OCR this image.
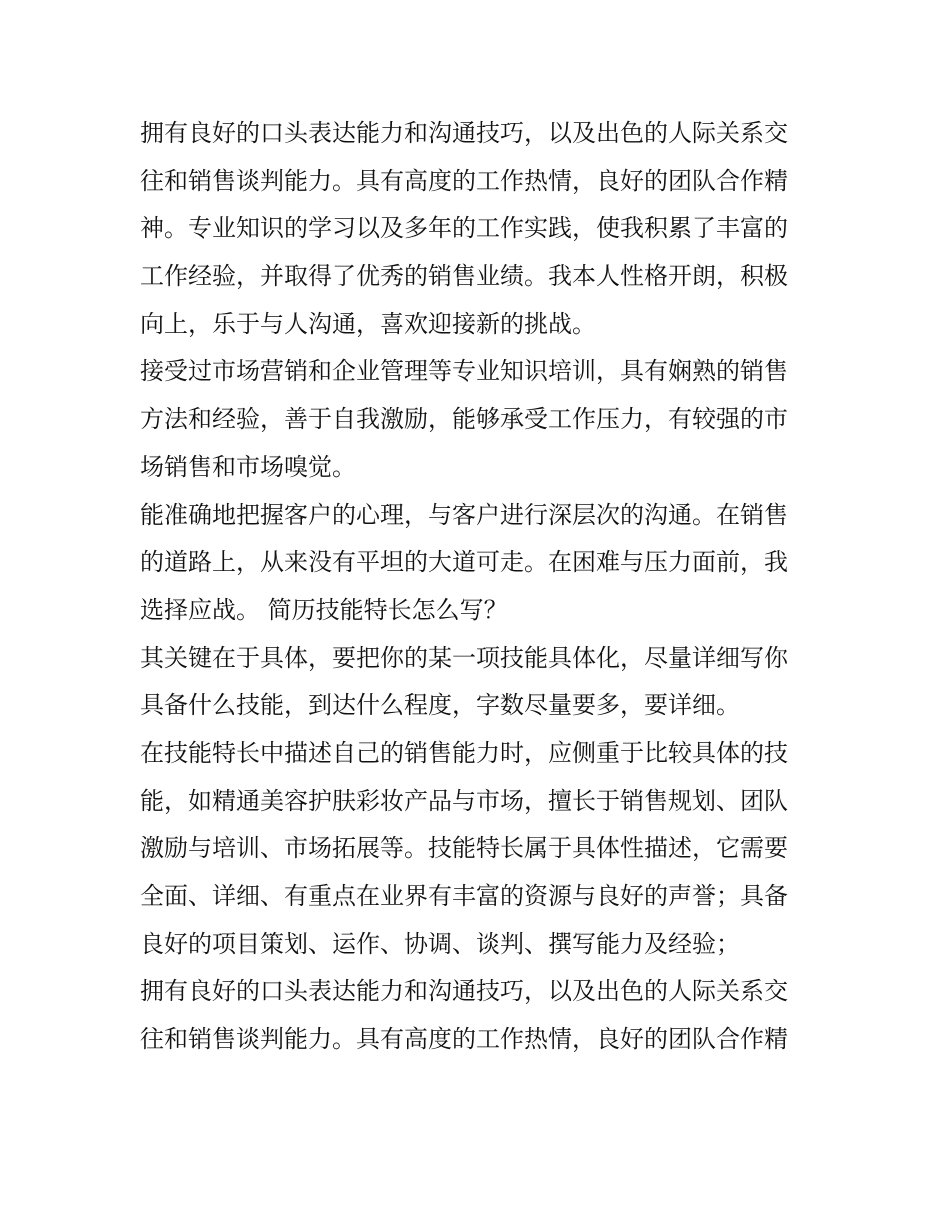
拥有良好的口头表达能力和沟通技巧，以及出色的人际关系交
往和销售谈判能力。具有高度的工作热情，良好的团队合作精
神。专业知识的学习以及多年的工作实践，使我积累了丰富的
工作经验，并取得了优秀的销售业绩。我本人性格开朗，积极
向上，乐于与人沟通，喜欢迎接新的挑战。
接受过市场营销和企业管理等专业知识培训，具有娴熟的销售
方法和经验，善于自我激励，能够承受工作压力，有较强的市
场销售和市场嗅觉。
能准确地把握客户的心理，与客户进行深层次的沟通。在销售
的道路上，从来没有平坦的大道可走。在困难与压力面前，我
选择应战。 简历技能特长怎么写？
其关键在于具体，要把你的某一项技能具体化，尽量详细写你
具备什么技能，到达什么程度，字数尽量要多，要详细。
在技能特长中描述自己的销售能力时，应侧重于比较具体的技
能，如精通美容护肤彩妆产品与市场，擅长于销售规划、团队
激励与培训、市场拓展等。技能特长属于具体性描述，它需要
全面、详细、有重点在业界有丰富的资源与良好的声誉；具备
良好的项目策划、运作、协调、谈判、撰写能力及经验；
拥有良好的口头表达能力和沟通技巧，以及出色的人际关系交
往和销售谈判能力。具有高度的工作热情，良好的团队合作精
